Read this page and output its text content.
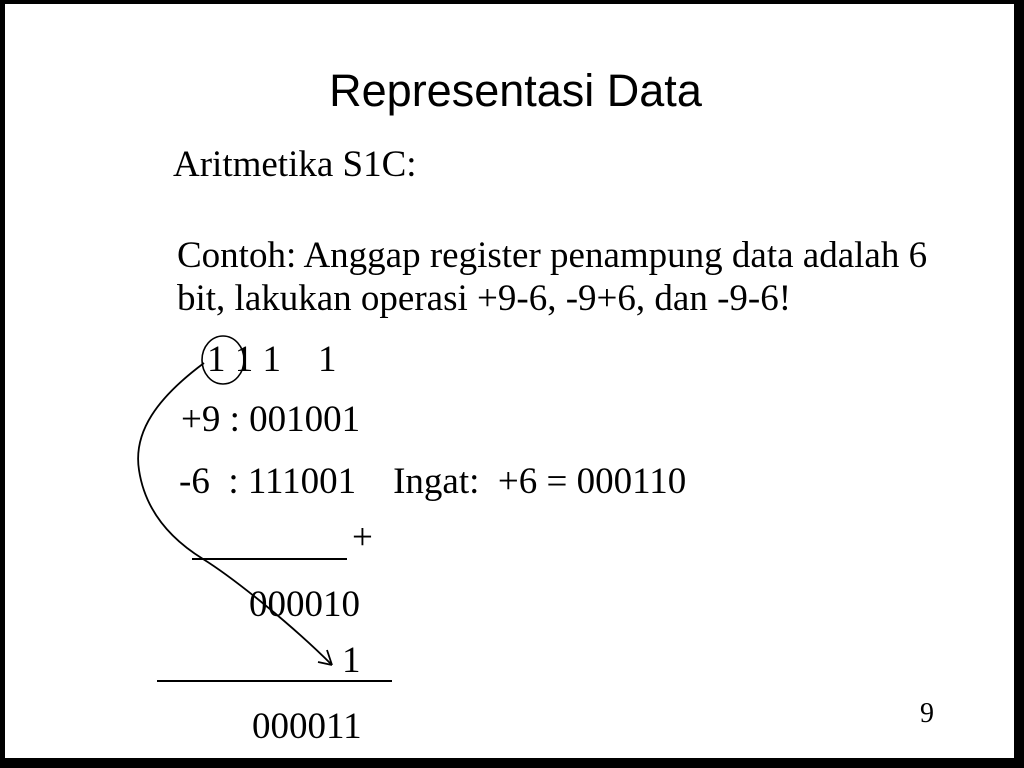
Representasi Data
Aritmetika S1C:
Contoh: Anggap register penampung data adalah 6
bit, lakukan operasi +9-6, -9+6, dan -9-6!
1 1 1    1
+9 : 001001
-6  : 111001    Ingat:  +6 = 000110
+
000010
1
000011	9
